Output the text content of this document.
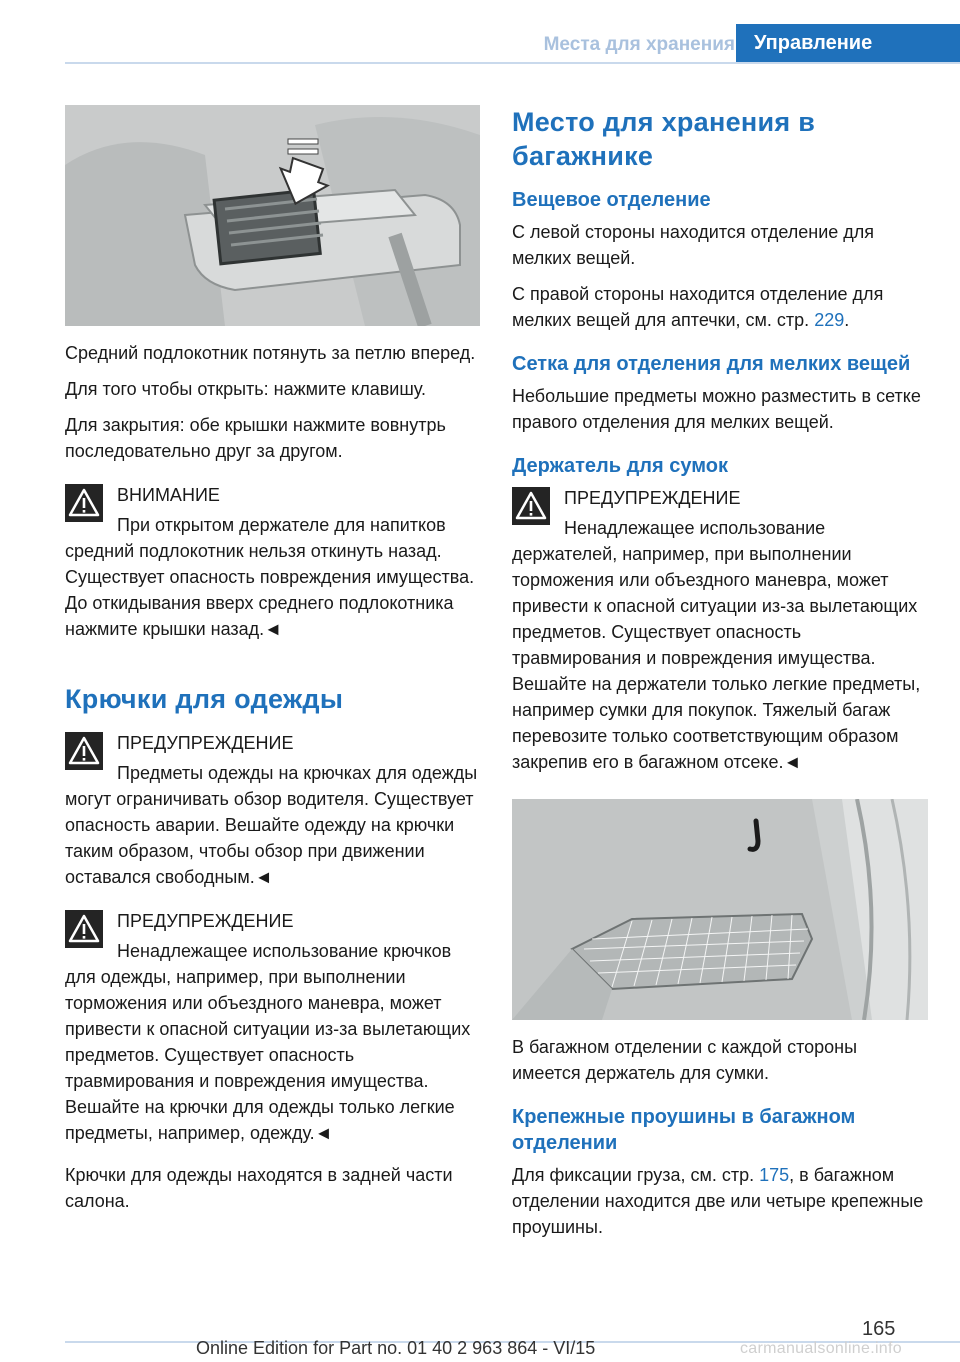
Места для хранения Управление

Средний подлокотник потянуть за петлю вперед.

Для того чтобы открыть: нажмите клавишу.

Для закрытия: обе крышки нажмите вовнутрь последовательно друг за другом.

ВНИМАНИЕ

При открытом держателе для напитков средний подлокотник нельзя откинуть назад. Существует опасность повреждения имущества. До откидывания вверх среднего подлокотника нажмите крышки назад.◄

Крючки для одежды
ПРЕДУПРЕЖДЕНИЕ

Предметы одежды на крючках для одежды могут ограничивать обзор водителя. Существует опасность аварии. Вешайте одежду на крючки таким образом, чтобы обзор при движении оставался свободным.◄

ПРЕДУПРЕЖДЕНИЕ

Ненадлежащее использование крючков для одежды, например, при выполнении торможения или объездного маневра, может привести к опасной ситуации из-за вылетающих предметов. Существует опасность травмирования и повреждения имущества. Вешайте на крючки для одежды только легкие предметы, например, одежду.◄

Крючки для одежды находятся в задней части салона.

Место для хранения в багажнике
Вещевое отделение

С левой стороны находится отделение для мелких вещей.

С правой стороны находится отделение для мелких вещей для аптечки, см. стр. 229.

Сетка для отделения для мелких вещей

Небольшие предметы можно разместить в сетке правого отделения для мелких вещей.

Держатель для сумок
ПРЕДУПРЕЖДЕНИЕ

Ненадлежащее использование держателей, например, при выполнении торможения или объездного маневра, может привести к опасной ситуации из-за вылетающих предметов. Существует опасность травмирования и повреждения имущества. Вешайте на держатели только легкие предметы, например сумки для покупок. Тяжелый багаж перевозите только соответствующим образом закрепив его в багажном отсеке.◄

В багажном отделении с каждой стороны имеется держатель для сумки.

Крепежные проушины в багажном отделении

Для фиксации груза, см. стр. 175, в багажном отделении находится две или четыре крепежные проушины.

165
Online Edition for Part no. 01 40 2 963 864 - VI/15	carmanualsonline.info
